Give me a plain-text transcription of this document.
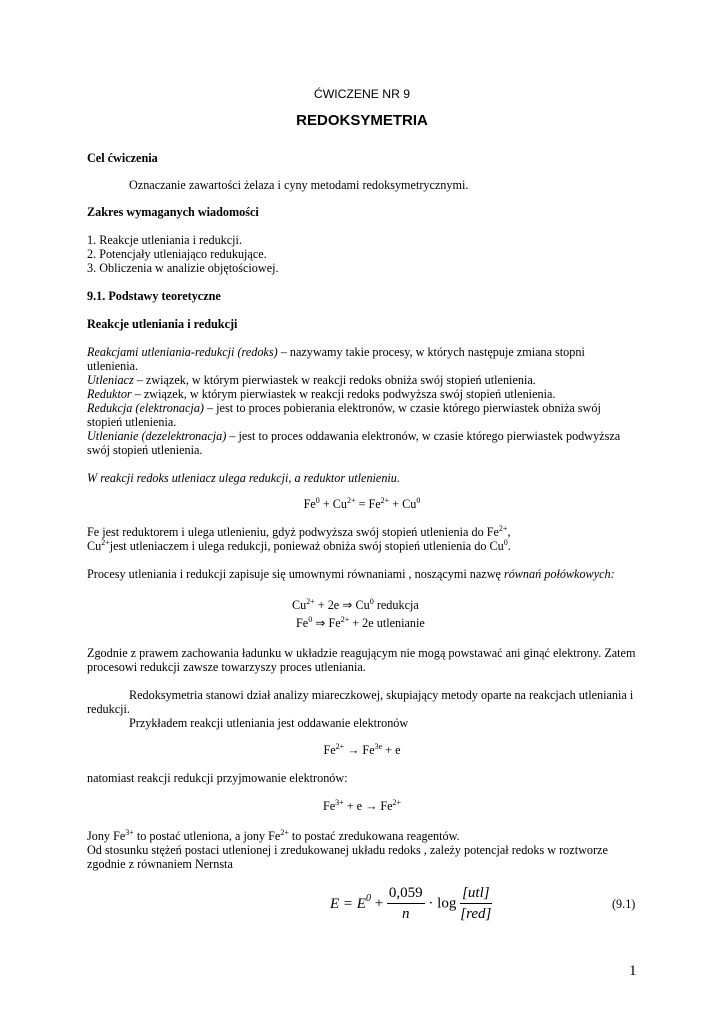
ĆWICZENE NR 9
REDOKSYMETRIA
Cel ćwiczenia
Oznaczanie zawartości żelaza i cyny metodami redoksymetrycznymi.
Zakres wymaganych wiadomości
1. Reakcje utleniania i redukcji.
2. Potencjały utleniająco redukujące.
3. Obliczenia w analizie objętościowej.
9.1. Podstawy teoretyczne
Reakcje utleniania i redukcji
Reakcjami utleniania-redukcji (redoks) – nazywamy takie procesy, w których następuje zmiana stopni
utlenienia.
Utleniacz – związek, w którym pierwiastek w reakcji redoks obniża swój stopień utlenienia.
Reduktor – związek, w którym pierwiastek w reakcji redoks podwyższa swój stopień utlenienia.
Redukcja (elektronacja) – jest to proces pobierania elektronów, w czasie którego pierwiastek obniża swój
stopień utlenienia.
Utlenianie (dezelektronacja) – jest to proces oddawania elektronów, w czasie którego pierwiastek podwyższa
swój stopień utlenienia.
W reakcji redoks utleniacz ulega redukcji, a reduktor utlenieniu.
$Fe^0 + Cu^{2+} = Fe^{2+} + Cu^0$
Fe jest reduktorem i ulega utlenieniu, gdyż podwyższa swój stopień utlenienia do $Fe^{2+}$,
$Cu^{2+}jest$ utleniaczem i ulega redukcji, ponieważ obniża swój stopień utlenienia do Cu$^0$.
Procesy utleniania i redukcji zapisuje się umownymi równaniami , noszącymi nazwę równań połówkowych:
$Cu^{2+} + 2e$ ⇒ Cu$^0$ redukcja
Fe$^0$ ⇒ $Fe^{2+} + 2e$ utlenianie
Zgodnie z prawem zachowania ładunku w układzie reagującym nie mogą powstawać ani ginąć elektrony. Zatem
procesowi redukcji zawsze towarzyszy proces utleniania.
Redoksymetria stanowi dział analizy miareczkowej, skupiający metody oparte na reakcjach utleniania i
redukcji.
Przykładem reakcji utleniania jest oddawanie elektronów
$Fe^{2+} \to Fe^{3e} + e$
natomiast reakcji redukcji przyjmowanie elektronów:
$Fe^{3+} + e \to Fe^{2+}$
Jony $Fe^{3+}$ to postać utleniona, a jony $Fe^{2+}$ to postać zredukowana reagentów.
Od stosunku stężeń postaci utlenionej i zredukowanej układu redoks , zależy potencjał redoks w roztworze
zgodnie z równaniem Nernsta
$E = E^0 + \frac{0,059}{n} \cdot \log \frac{\text{[utl]}}{\text{[red]}}$	(9.1)
1
